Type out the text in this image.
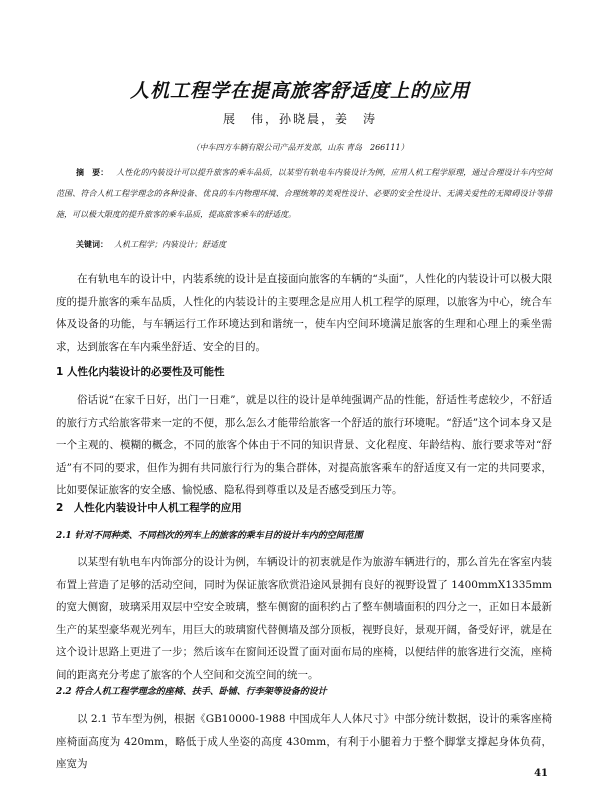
人机工程学在提高旅客舒适度上的应用
展　伟，孙晓晨，姜　涛
（中车四方车辆有限公司产品开发部，山东 青岛　266111）
摘　要： 人性化的内装设计可以提升旅客的乘车品质，以某型有轨电车内装设计为例，应用人机工程学原理，通过合理设计车内空间范围、符合人机工程学理念的各种设备、优良的车内物理环境、合理统筹的美观性设计、必要的安全性设计、无满关爱性的无障碍设计等措施，可以极大限度的提升旅客的乘车品质，提高旅客乘车的舒适度。
关键词： 人机工程学；内装设计；舒适度

在有轨电车的设计中，内装系统的设计是直接面向旅客的车辆的“头面”，人性化的内装设计可以极大限度的提升旅客的乘车品质，人性化的内装设计的主要理念是应用人机工程学的原理，以旅客为中心，统合车体及设备的功能，与车辆运行工作环境达到和谐统一，使车内空间环境满足旅客的生理和心理上的乘坐需求，达到旅客在车内乘坐舒适、安全的目的。

1 人性化内装设计的必要性及可能性

俗话说“在家千日好，出门一日难”，就是以往的设计是单纯强调产品的性能，舒适性考虑较少，不舒适的旅行方式给旅客带来一定的不便，那么怎么才能带给旅客一个舒适的旅行环境呢。“舒适”这个词本身又是一个主观的、模糊的概念，不同的旅客个体由于不同的知识背景、文化程度、年龄结构、旅行要求等对“舒适”有不同的要求，但作为拥有共同旅行行为的集合群体，对提高旅客乘车的舒适度又有一定的共同要求，比如要保证旅客的安全感、愉悦感、隐私得到尊重以及是否感受到压力等。

2　人性化内装设计中人机工程学的应用
2.1 针对不同种类、不同档次的列车上的旅客的乘车目的设计车内的空间范围

以某型有轨电车内饰部分的设计为例，车辆设计的初衷就是作为旅游车辆进行的，那么首先在客室内装布置上营造了足够的活动空间，同时为保证旅客欣赏沿途风景拥有良好的视野设置了 1400mmX1335mm的宽大侧窗，玻璃采用双层中空安全玻璃，整车侧窗的面积约占了整车侧墙面积的四分之一，正如日本最新生产的某型豪华观光列车，用巨大的玻璃窗代替侧墙及部分顶板，视野良好，景观开阔，备受好评，就是在这个设计思路上更进了一步；然后该车在窗间还设置了面对面布局的座椅，以便结伴的旅客进行交流，座椅间的距离充分考虑了旅客的个人空间和交流空间的统一。

2.2 符合人机工程学理念的座椅、扶手、卧铺、行李架等设备的设计

以 2.1 节车型为例，根据《GB10000-1988 中国成年人人体尺寸》中部分统计数据，设计的乘客座椅座椅面高度为 420mm，略低于成人坐姿的高度 430mm，有利于小腿着力于整个脚掌支撑起身体负荷，座宽为

41
